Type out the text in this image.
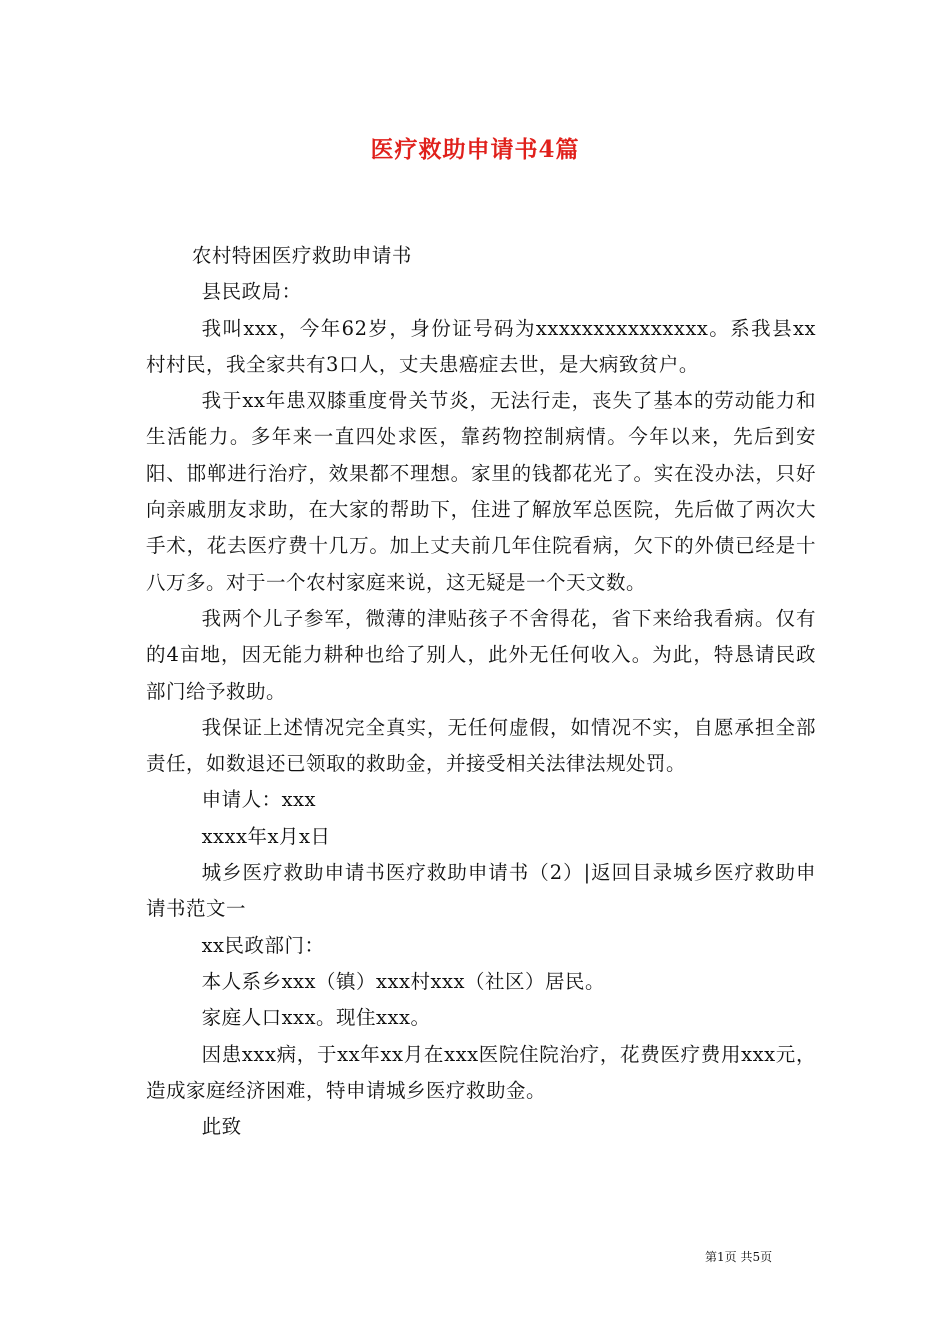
医疗救助申请书4篇

农村特困医疗救助申请书

县民政局：

我叫xxx，今年62岁，身份证号码为xxxxxxxxxxxxxxx。系我县xx村村民，我全家共有3口人，丈夫患癌症去世，是大病致贫户。

我于xx年患双膝重度骨关节炎，无法行走，丧失了基本的劳动能力和生活能力。多年来一直四处求医，靠药物控制病情。今年以来，先后到安阳、邯郸进行治疗，效果都不理想。家里的钱都花光了。实在没办法，只好向亲戚朋友求助，在大家的帮助下，住进了解放军总医院，先后做了两次大手术，花去医疗费十几万。加上丈夫前几年住院看病，欠下的外债已经是十八万多。对于一个农村家庭来说，这无疑是一个天文数。

我两个儿子参军，微薄的津贴孩子不舍得花，省下来给我看病。仅有的4亩地，因无能力耕种也给了别人，此外无任何收入。为此，特恳请民政部门给予救助。

我保证上述情况完全真实，无任何虚假，如情况不实，自愿承担全部责任，如数退还已领取的救助金，并接受相关法律法规处罚。

申请人：xxx

xxxx年x月x日

城乡医疗救助申请书医疗救助申请书（2）|返回目录城乡医疗救助申请书范文一

xx民政部门：

本人系乡xxx（镇）xxx村xxx（社区）居民。

家庭人口xxx。现住xxx。

因患xxx病，于xx年xx月在xxx医院住院治疗，花费医疗费用xxx元，造成家庭经济困难，特申请城乡医疗救助金。

此致

第1页 共5页
